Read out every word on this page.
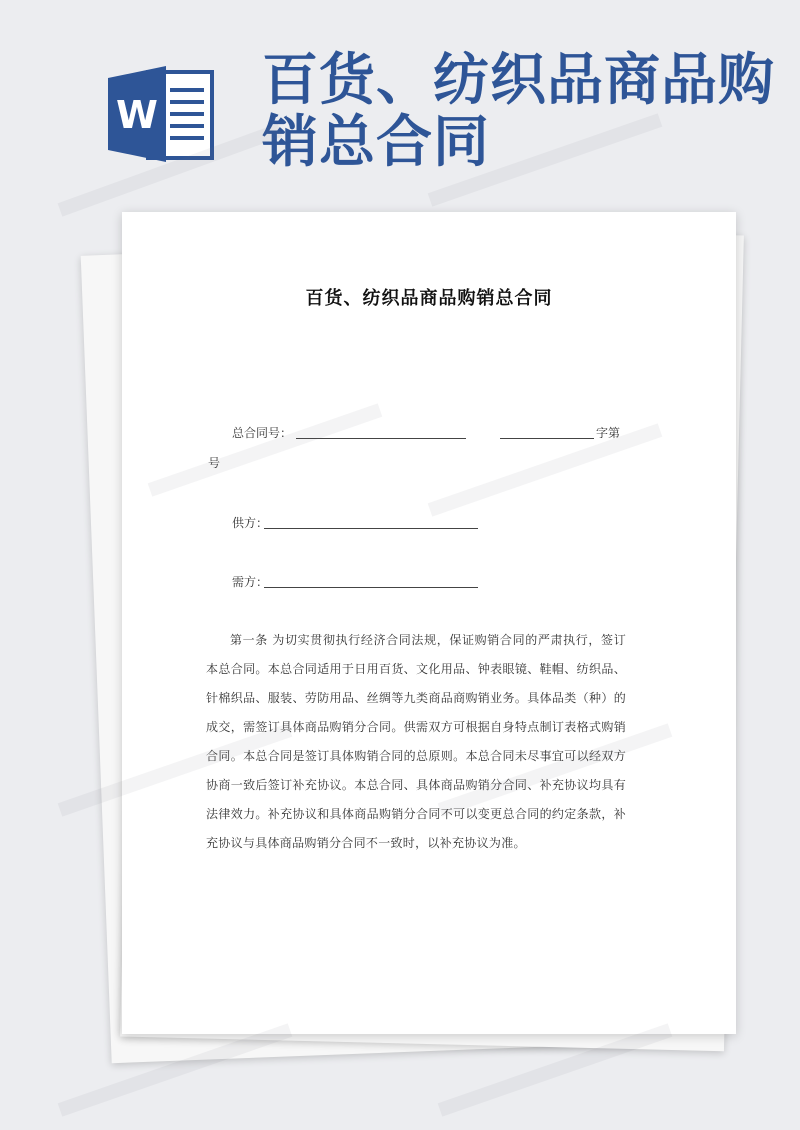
W
百货、纺织品商品购销总合同
百货、纺织品商品购销总合同
总合同号：	字第
号
供方：
需方：
第一条 为切实贯彻执行经济合同法规，保证购销合同的严肃执行，签订本总合同。本总合同适用于日用百货、文化用品、钟表眼镜、鞋帽、纺织品、针棉织品、服装、劳防用品、丝绸等九类商品商购销业务。具体品类（种）的成交，需签订具体商品购销分合同。供需双方可根据自身特点制订表格式购销合同。本总合同是签订具体购销合同的总原则。本总合同未尽事宜可以经双方协商一致后签订补充协议。本总合同、具体商品购销分合同、补充协议均具有法律效力。补充协议和具体商品购销分合同不可以变更总合同的约定条款，补充协议与具体商品购销分合同不一致时，以补充协议为准。
